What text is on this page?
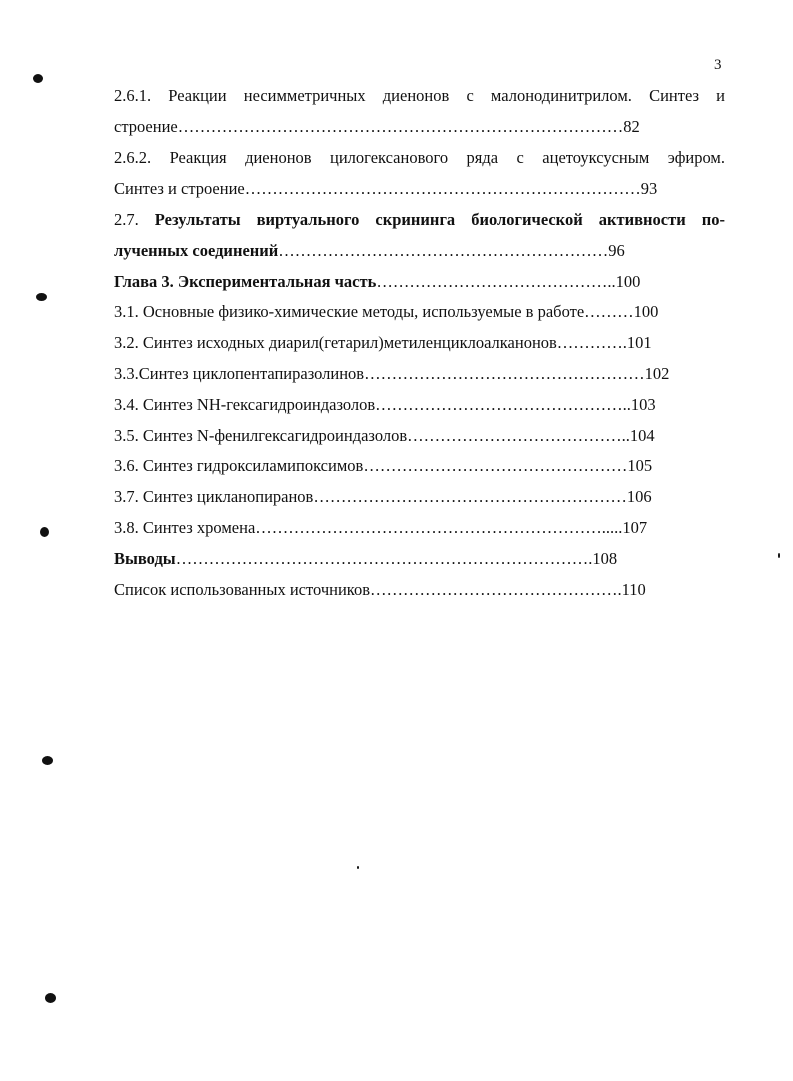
3
2.6.1. Реакции несимметричных диенонов с малонодинитрилом. Синтез и
строение………………………………………………………………………82
2.6.2. Реакция диенонов цилогексанового ряда с ацетоуксусным эфиром.
Синтез и строение………………………………………………………………93
2.7. Результаты виртуального скрининга биологической активности по-
лученных соединений……………………………………………………96
Глава 3. Экспериментальная часть……………………………………..100
3.1. Основные физико-химические методы, используемые в работе………100
3.2. Синтез исходных диарил(гетарил)метиленциклоалканонов………….101
3.3.Синтез циклопентапиразолинов……………………………………………102
3.4. Синтез NH-гексагидроиндазолов………………………………………..103
3.5. Синтез N-фенилгексагидроиндазолов…………………………………..104
3.6. Синтез гидроксиламипоксимов…………………………………………105
3.7. Синтез цикланопиранов…………………………………………………106
3.8. Синтез хромена……………………………………………………….....107
Выводы………………………………………………………………….108
Список использованных источников……………………………………….110
